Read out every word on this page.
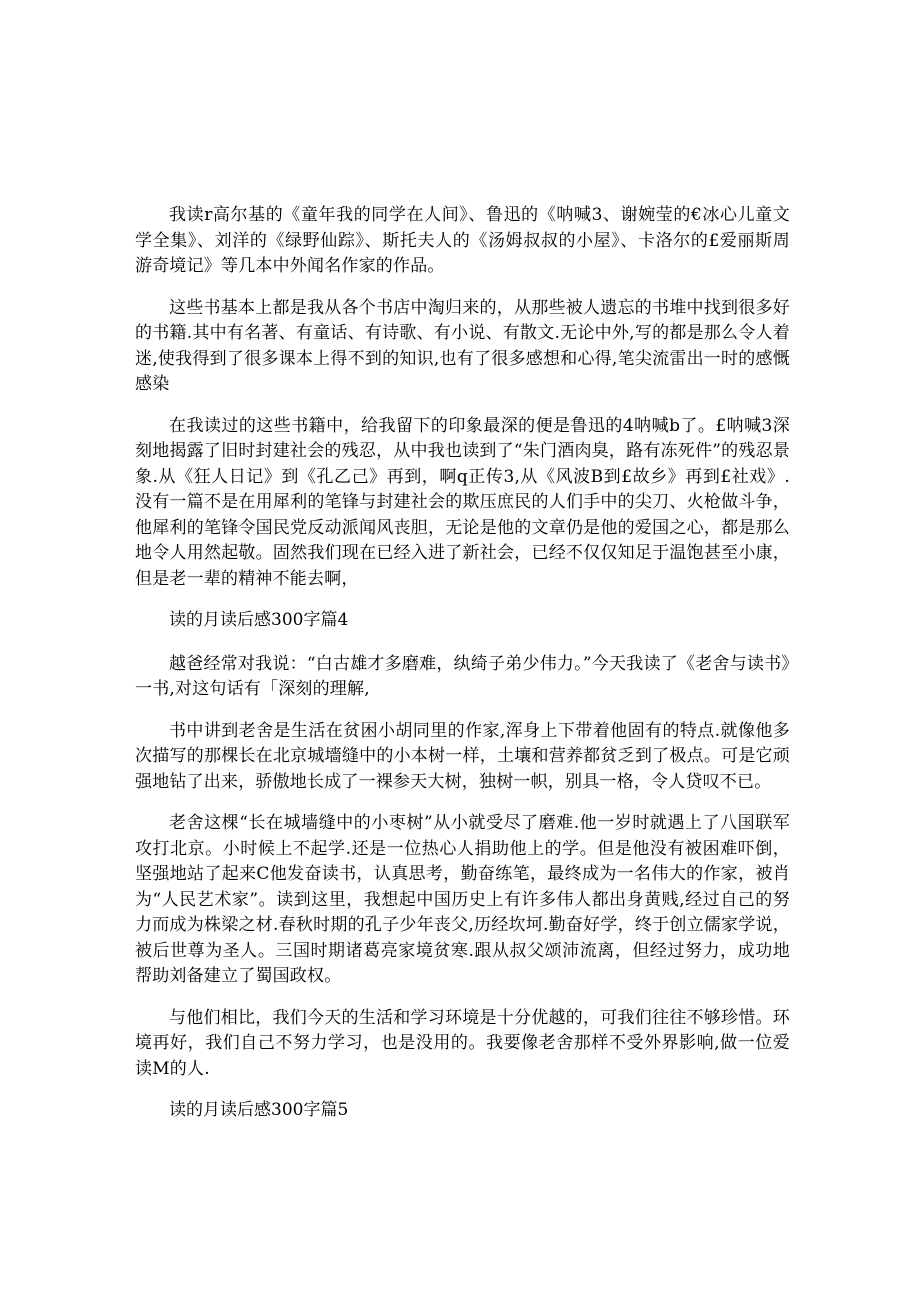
我读r高尔基的《童年我的同学在人间》、鲁迅的《呐喊3、谢婉莹的€冰心儿童文学全集》、刘洋的《绿野仙踪》、斯托夫人的《汤姆叔叔的小屋》、卡洛尔的£爱丽斯周游奇境记》等几本中外闻名作家的作品。

这些书基本上都是我从各个书店中淘归来的，从那些被人遗忘的书堆中找到很多好的书籍.其中有名著、有童话、有诗歌、有小说、有散文.无论中外,写的都是那么令人着迷,使我得到了很多课本上得不到的知识,也有了很多感想和心得,笔尖流雷出一时的感慨感染

在我读过的这些书籍中，给我留下的印象最深的便是鲁迅的4呐喊b了。£呐喊3深刻地揭露了旧时封建社会的残忍，从中我也读到了“朱门酒肉臭，路有冻死件”的残忍景象.从《狂人日记》到《孔乙己》再到，啊q正传3,从《风波B到£故乡》再到£社戏》.没有一篇不是在用犀利的笔锋与封建社会的欺压庶民的人们手中的尖刀、火枪做斗争，他犀利的笔锋令国民党反动派闻风丧胆，无论是他的文章仍是他的爱国之心，都是那么地令人用然起敬。固然我们现在已经入进了新社会，已经不仅仅知足于温饱甚至小康，但是老一辈的精神不能去啊，

读的月读后感300字篇4

越爸经常对我说：“白古雄才多磨难，纨绮子弟少伟力。”今天我读了《老舍与读书》一书,对这句话有「深刻的理解,

书中讲到老舍是生活在贫困小胡同里的作家,浑身上下带着他固有的特点.就像他多次描写的那棵长在北京城墻缝中的小本树一样，土壤和营养都贫乏到了极点。可是它顽强地钻了出来，骄傲地长成了一裸参天大树，独树一帜，别具一格，令人贷叹不已。

老舍这棵“长在城墙缝中的小枣树”从小就受尽了磨难.他一岁时就遇上了八国联军攻打北京。小时候上不起学.还是一位热心人捐助他上的学。但是他没有被困难吓倒，坚强地站了起来C他发奋读书，认真思考，勤奋练笔，最终成为一名伟大的作家，被肖为“人民艺术家”。读到这里，我想起中国历史上有许多伟人都出身黄贱,经过自己的努力而成为株梁之材.春秋时期的孔子少年丧父,历经坎坷.勤奋好学，终于创立儒家学说，被后世尊为圣人。三国时期诸葛亮家境贫寒.跟从叔父颂沛流离，但经过努力，成功地帮助刘备建立了蜀国政权。

与他们相比，我们今天的生活和学习环境是十分优越的，可我们往往不够珍惜。环境再好，我们自己不努力学习，也是没用的。我要像老舍那样不受外界影响,做一位爱读M的人.

读的月读后感300字篇5
